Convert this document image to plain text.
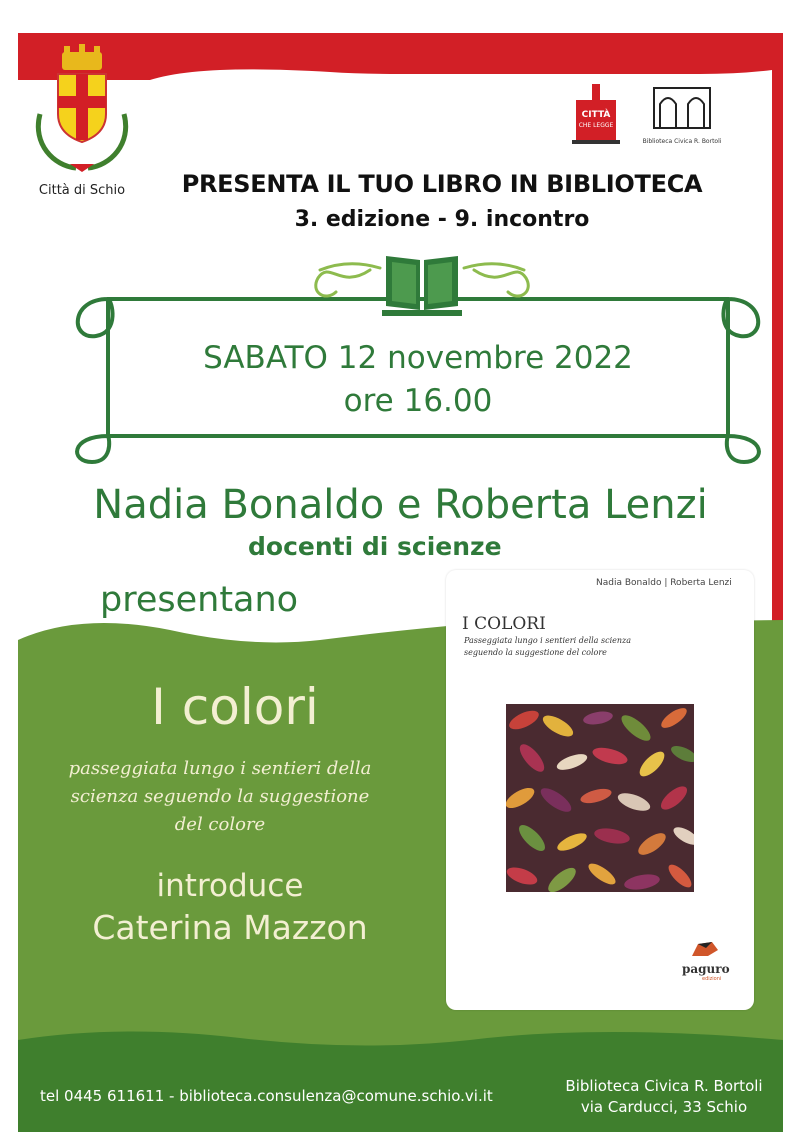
Città di Schio
CITTÀ
CHE LEGGE
Biblioteca Civica R. Bortoli
PRESENTA IL TUO LIBRO IN BIBLIOTECA
3. edizione - 9. incontro
SABATO 12 novembre 2022
ore 16.00
Nadia Bonaldo e Roberta Lenzi
docenti di scienze
presentano
I colori
passeggiata lungo i sentieri della
scienza seguendo la suggestione
del colore
introduce
Caterina Mazzon
Nadia Bonaldo | Roberta Lenzi
I COLORI
Passeggiata lungo i sentieri della scienza
seguendo la suggestione del colore
paguro
edizioni
tel 0445 611611 - biblioteca.consulenza@comune.schio.vi.it
Biblioteca Civica R. Bortoli
via Carducci, 33 Schio
